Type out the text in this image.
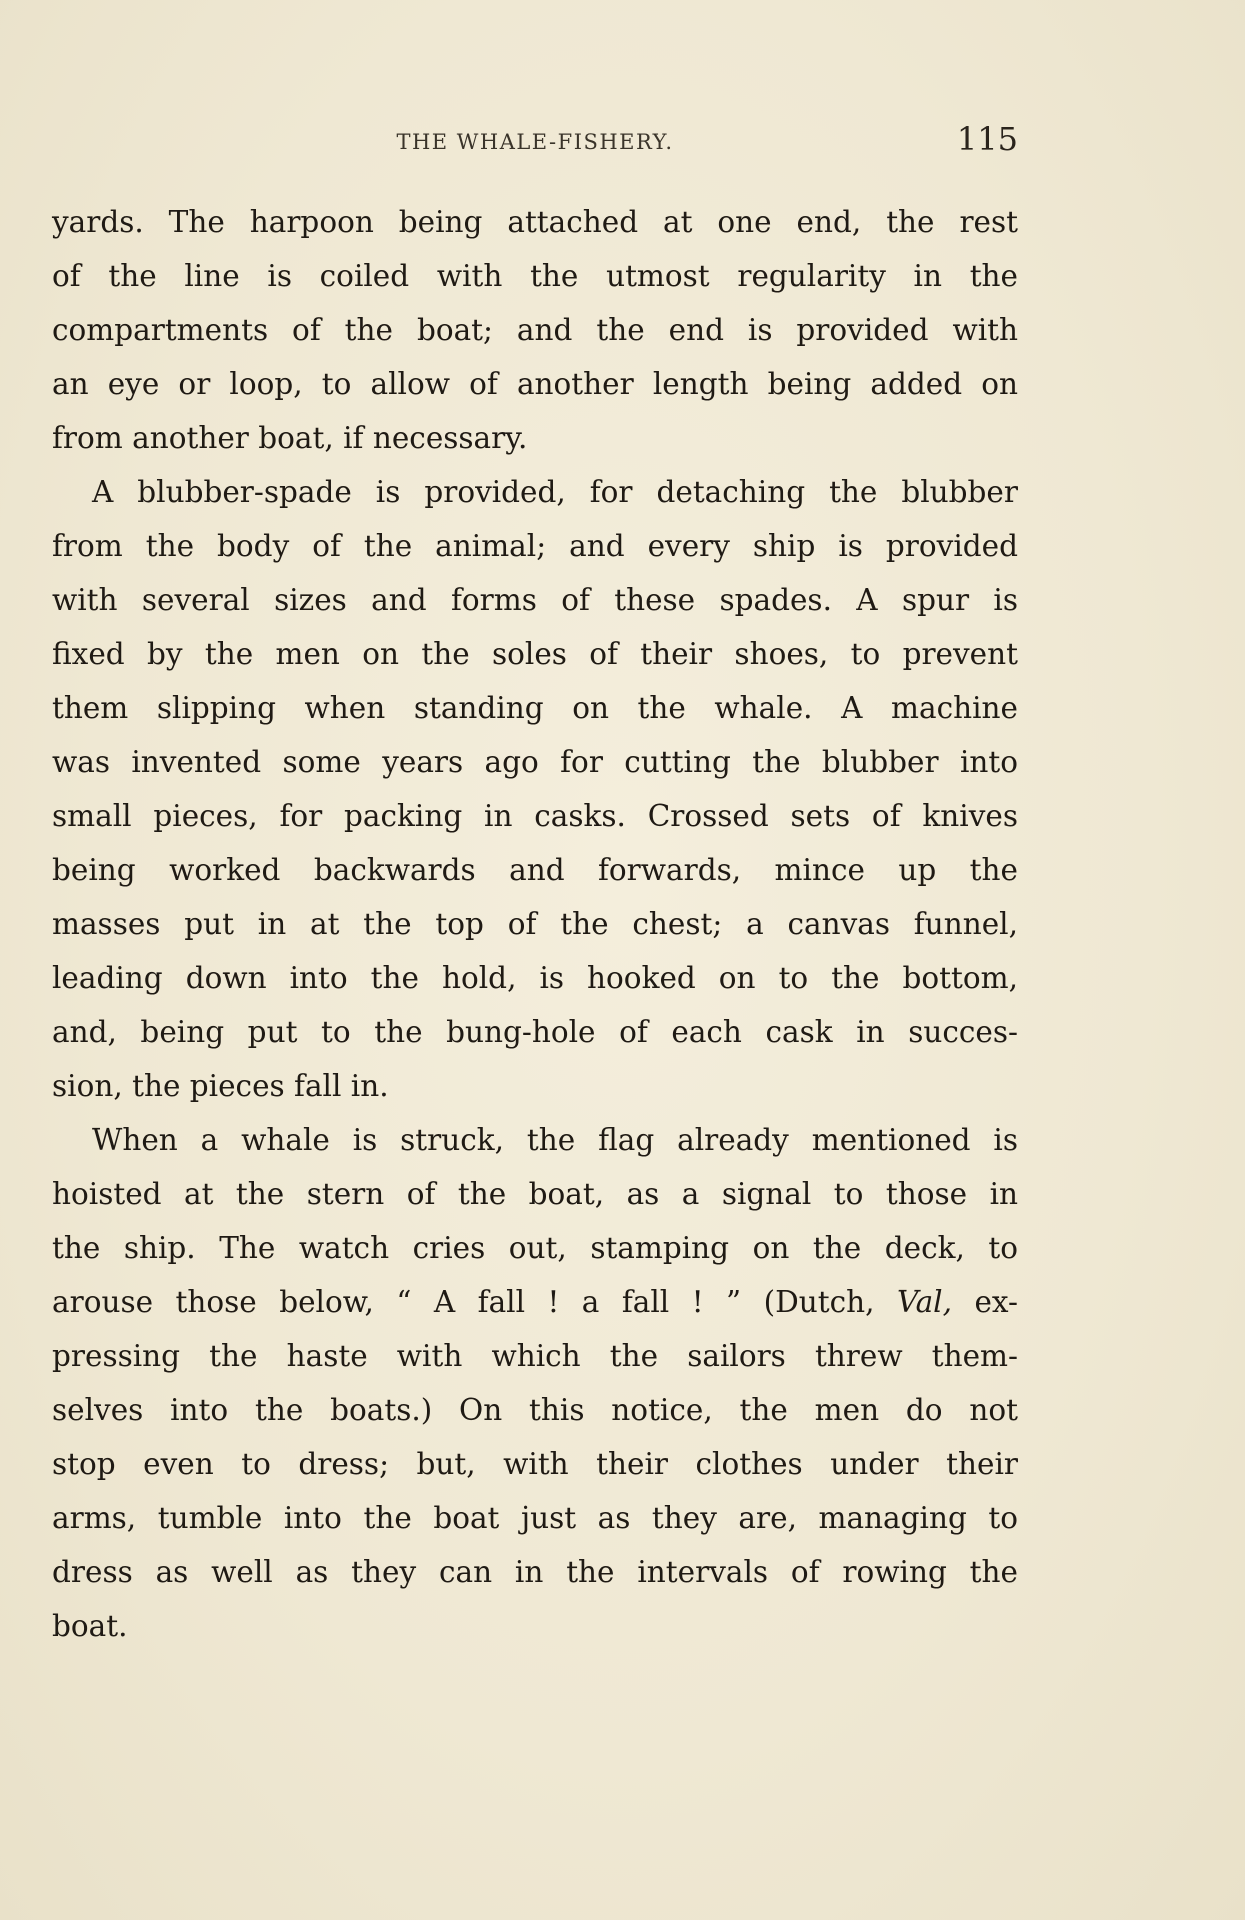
THE WHALE-FISHERY.	115
yards. The harpoon being attached at one end, the rest
of the line is coiled with the utmost regularity in the
compartments of the boat; and the end is provided with
an eye or loop, to allow of another length being added on
from another boat, if necessary.
A blubber-spade is provided, for detaching the blubber
from the body of the animal; and every ship is provided
with several sizes and forms of these spades. A spur is
fixed by the men on the soles of their shoes, to prevent
them slipping when standing on the whale. A machine
was invented some years ago for cutting the blubber into
small pieces, for packing in casks. Crossed sets of knives
being worked backwards and forwards, mince up the
masses put in at the top of the chest; a canvas funnel,
leading down into the hold, is hooked on to the bottom,
and, being put to the bung-hole of each cask in succes-
sion, the pieces fall in.
When a whale is struck, the flag already mentioned is
hoisted at the stern of the boat, as a signal to those in
the ship. The watch cries out, stamping on the deck, to
arouse those below, “ A fall ! a fall ! ” (Dutch, Val, ex-
pressing the haste with which the sailors threw them-
selves into the boats.) On this notice, the men do not
stop even to dress; but, with their clothes under their
arms, tumble into the boat just as they are, managing to
dress as well as they can in the intervals of rowing the
boat.
